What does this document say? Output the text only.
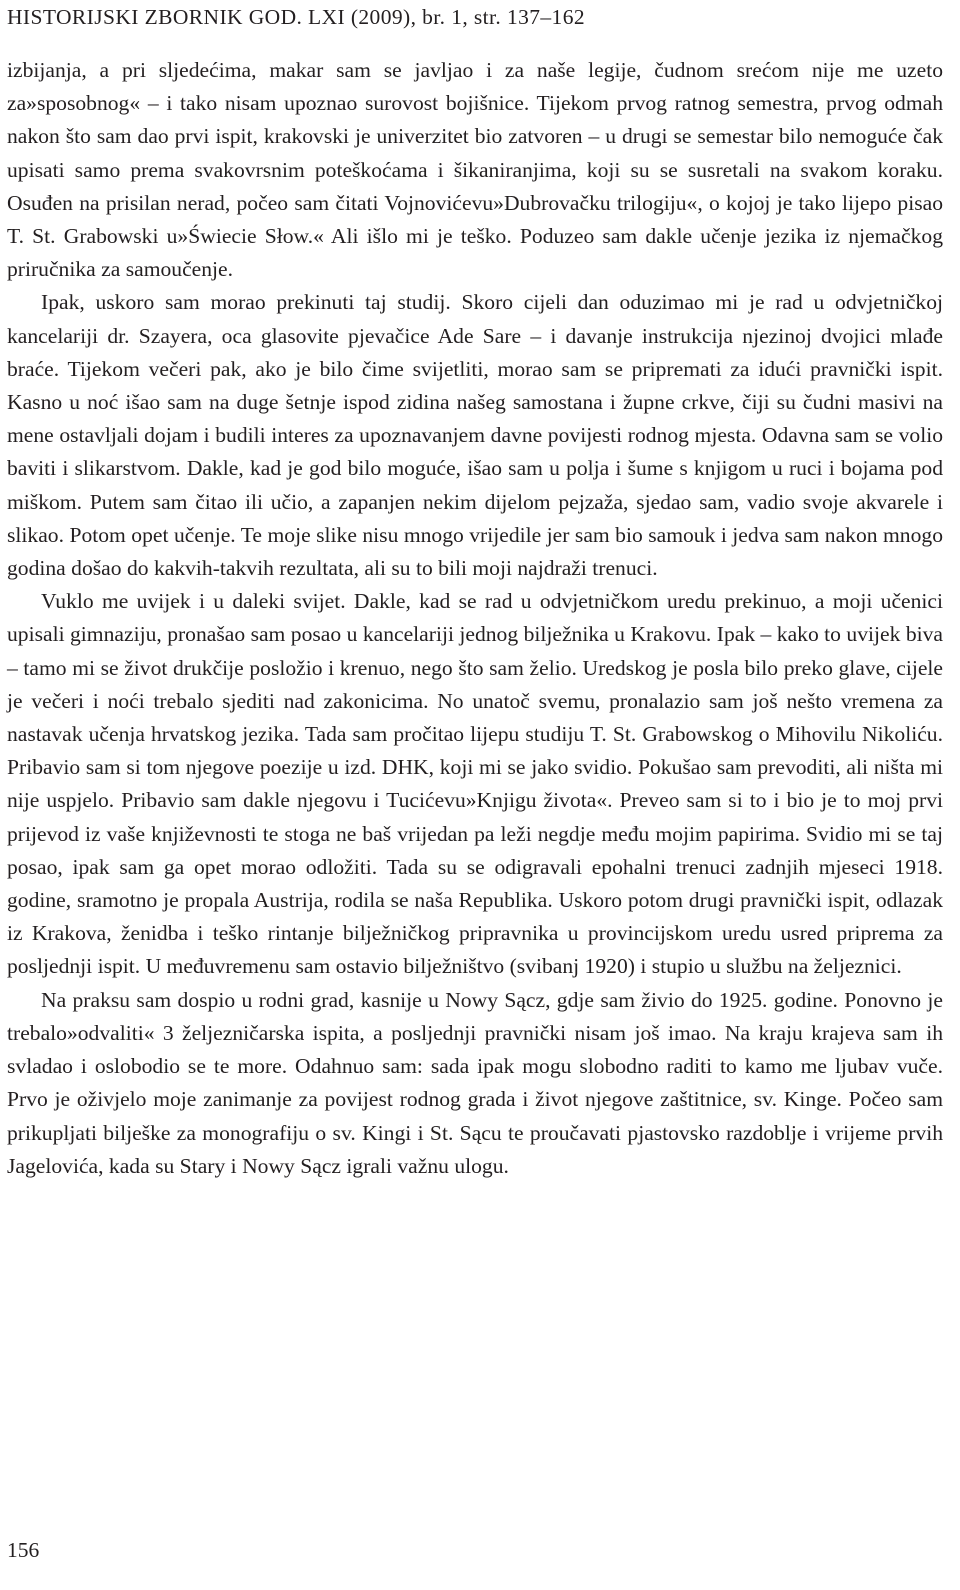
HISTORIJSKI ZBORNIK GOD. LXI (2009), br. 1, str. 137–162

izbijanja, a pri sljedećima, makar sam se javljao i za naše legije, čudnom srećom nije me uzeto za»sposobnog« – i tako nisam upoznao surovost bojišnice. Tijekom prvog ratnog semestra, prvog odmah nakon što sam dao prvi ispit, krakovski je univerzitet bio zatvoren – u drugi se semestar bilo nemoguće čak upisati samo prema svakovrsnim poteškoćama i šikaniranjima, koji su se susretali na svakom koraku. Osuđen na prisilan nerad, počeo sam čitati Vojnovićevu»Dubrovačku trilogiju«, o kojoj je tako lijepo pisao T. St. Grabowski u»Świecie Słow.« Ali išlo mi je teško. Poduzeo sam dakle učenje jezika iz njemačkog priručnika za samoučenje.

Ipak, uskoro sam morao prekinuti taj studij. Skoro cijeli dan oduzimao mi je rad u odvjetničkoj kancelariji dr. Szayera, oca glasovite pjevačice Ade Sare – i davanje instrukcija njezinoj dvojici mlađe braće. Tijekom večeri pak, ako je bilo čime svijetliti, morao sam se pripremati za idući pravnički ispit. Kasno u noć išao sam na duge šetnje ispod zidina našeg samostana i župne crkve, čiji su čudni masivi na mene ostavljali dojam i budili interes za upoznavanjem davne povijesti rodnog mjesta. Odavna sam se volio baviti i slikarstvom. Dakle, kad je god bilo moguće, išao sam u polja i šume s knjigom u ruci i bojama pod miškom. Putem sam čitao ili učio, a zapanjen nekim dijelom pejzaža, sjedao sam, vadio svoje akvarele i slikao. Potom opet učenje. Te moje slike nisu mnogo vrijedile jer sam bio samouk i jedva sam nakon mnogo godina došao do kakvih-takvih rezultata, ali su to bili moji najdraži trenuci.

Vuklo me uvijek i u daleki svijet. Dakle, kad se rad u odvjetničkom uredu prekinuo, a moji učenici upisali gimnaziju, pronašao sam posao u kancelariji jednog bilježnika u Krakovu. Ipak – kako to uvijek biva – tamo mi se život drukčije posložio i krenuo, nego što sam želio. Uredskog je posla bilo preko glave, cijele je večeri i noći trebalo sjediti nad zakonicima. No unatoč svemu, pronalazio sam još nešto vremena za nastavak učenja hrvatskog jezika. Tada sam pročitao lijepu studiju T. St. Grabowskog o Mihovilu Nikoliću. Pribavio sam si tom njegove poezije u izd. DHK, koji mi se jako svidio. Pokušao sam prevoditi, ali ništa mi nije uspjelo. Pribavio sam dakle njegovu i Tucićevu»Knjigu života«. Preveo sam si to i bio je to moj prvi prijevod iz vaše književnosti te stoga ne baš vrijedan pa leži negdje među mojim papirima. Svidio mi se taj posao, ipak sam ga opet morao odložiti. Tada su se odigravali epohalni trenuci zadnjih mjeseci 1918. godine, sramotno je propala Austrija, rodila se naša Republika. Uskoro potom drugi pravnički ispit, odlazak iz Krakova, ženidba i teško rintanje bilježničkog pripravnika u provincijskom uredu usred priprema za posljednji ispit. U međuvremenu sam ostavio bilježništvo (svibanj 1920) i stupio u službu na željeznici.

Na praksu sam dospio u rodni grad, kasnije u Nowy Sącz, gdje sam živio do 1925. godine. Ponovno je trebalo»odvaliti« 3 željezničarska ispita, a posljednji pravnički nisam još imao. Na kraju krajeva sam ih svladao i oslobodio se te more. Odahnuo sam: sada ipak mogu slobodno raditi to kamo me ljubav vuče. Prvo je oživjelo moje zanimanje za povijest rodnog grada i život njegove zaštitnice, sv. Kinge. Počeo sam prikupljati bilješke za monografiju o sv. Kingi i St. Sącu te proučavati pjastovsko razdoblje i vrijeme prvih Jagelovića, kada su Stary i Nowy Sącz igrali važnu ulogu.

156
